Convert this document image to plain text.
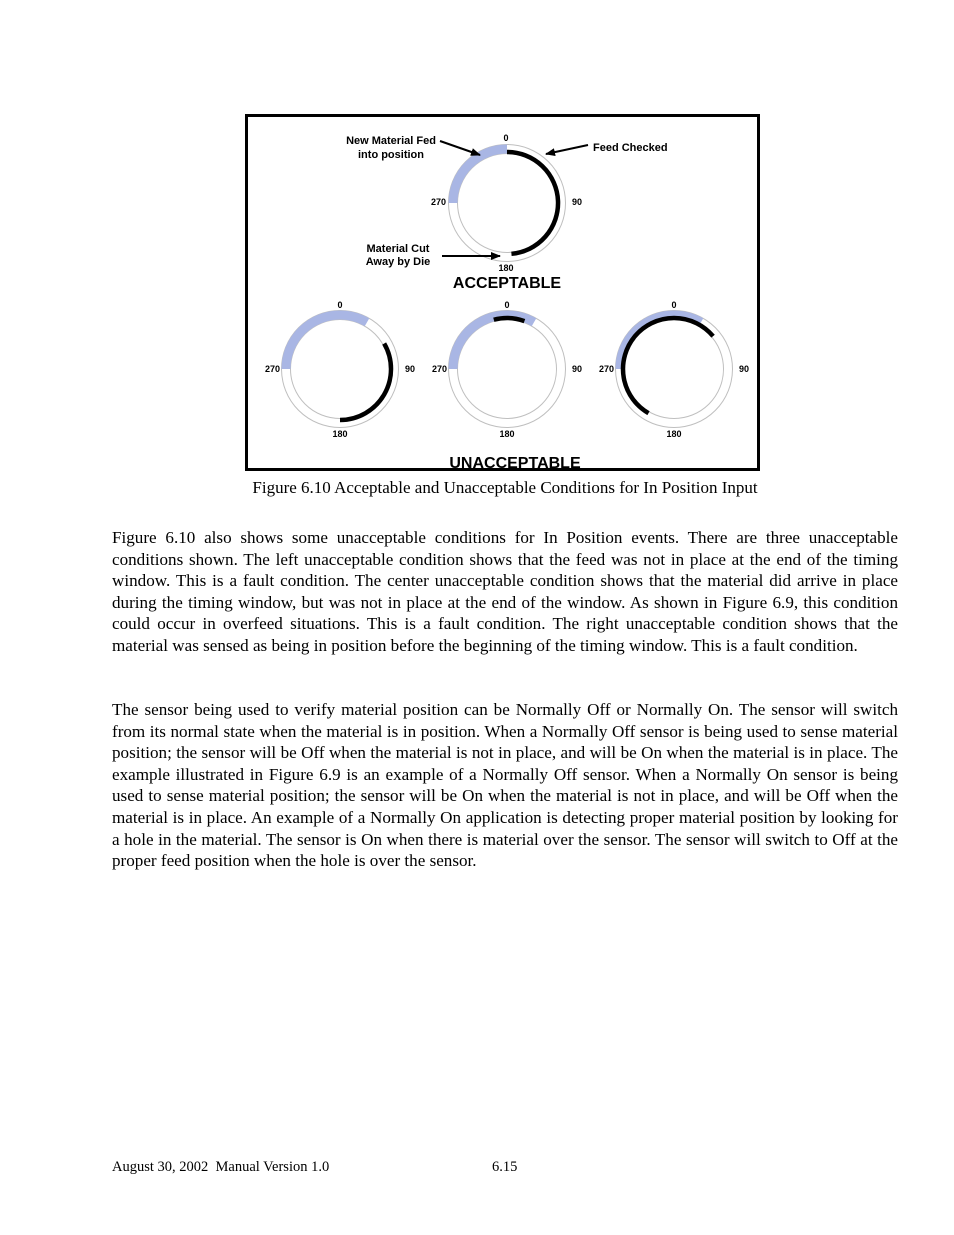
0
90
180
270
0
90
180
270
0
90
180
270
0
90
180
270
New Material Fed
into position
Feed Checked
Material Cut
Away by Die
ACCEPTABLE
UNACCEPTABLE

Figure 6.10 Acceptable and Unacceptable Conditions for In Position Input

Figure 6.10 also shows some unacceptable conditions for In Position events. There are three unacceptable conditions shown. The left unacceptable condition shows that the feed was not in place at the end of the timing window. This is a fault condition. The center unacceptable condition shows that the material did arrive in place during the timing window, but was not in place at the end of the window. As shown in Figure 6.9, this condition could occur in overfeed situations. This is a fault condition. The right unacceptable condition shows that the material was sensed as being in position before the beginning of the timing window. This is a fault condition.

The sensor being used to verify material position can be Normally Off or Normally On. The sensor will switch from its normal state when the material is in position. When a Normally Off sensor is being used to sense material position; the sensor will be Off when the material is not in place, and will be On when the material is in place. The example illustrated in Figure 6.9 is an example of a Normally Off sensor. When a Normally On sensor is being used to sense material position; the sensor will be On when the material is not in place, and will be Off when the material is in place. An example of a Normally On application is detecting proper material position by looking for a hole in the material. The sensor is On when there is material over the sensor. The sensor will switch to Off at the proper feed position when the hole is over the sensor.

August 30, 2002  Manual Version 1.0	6.15
